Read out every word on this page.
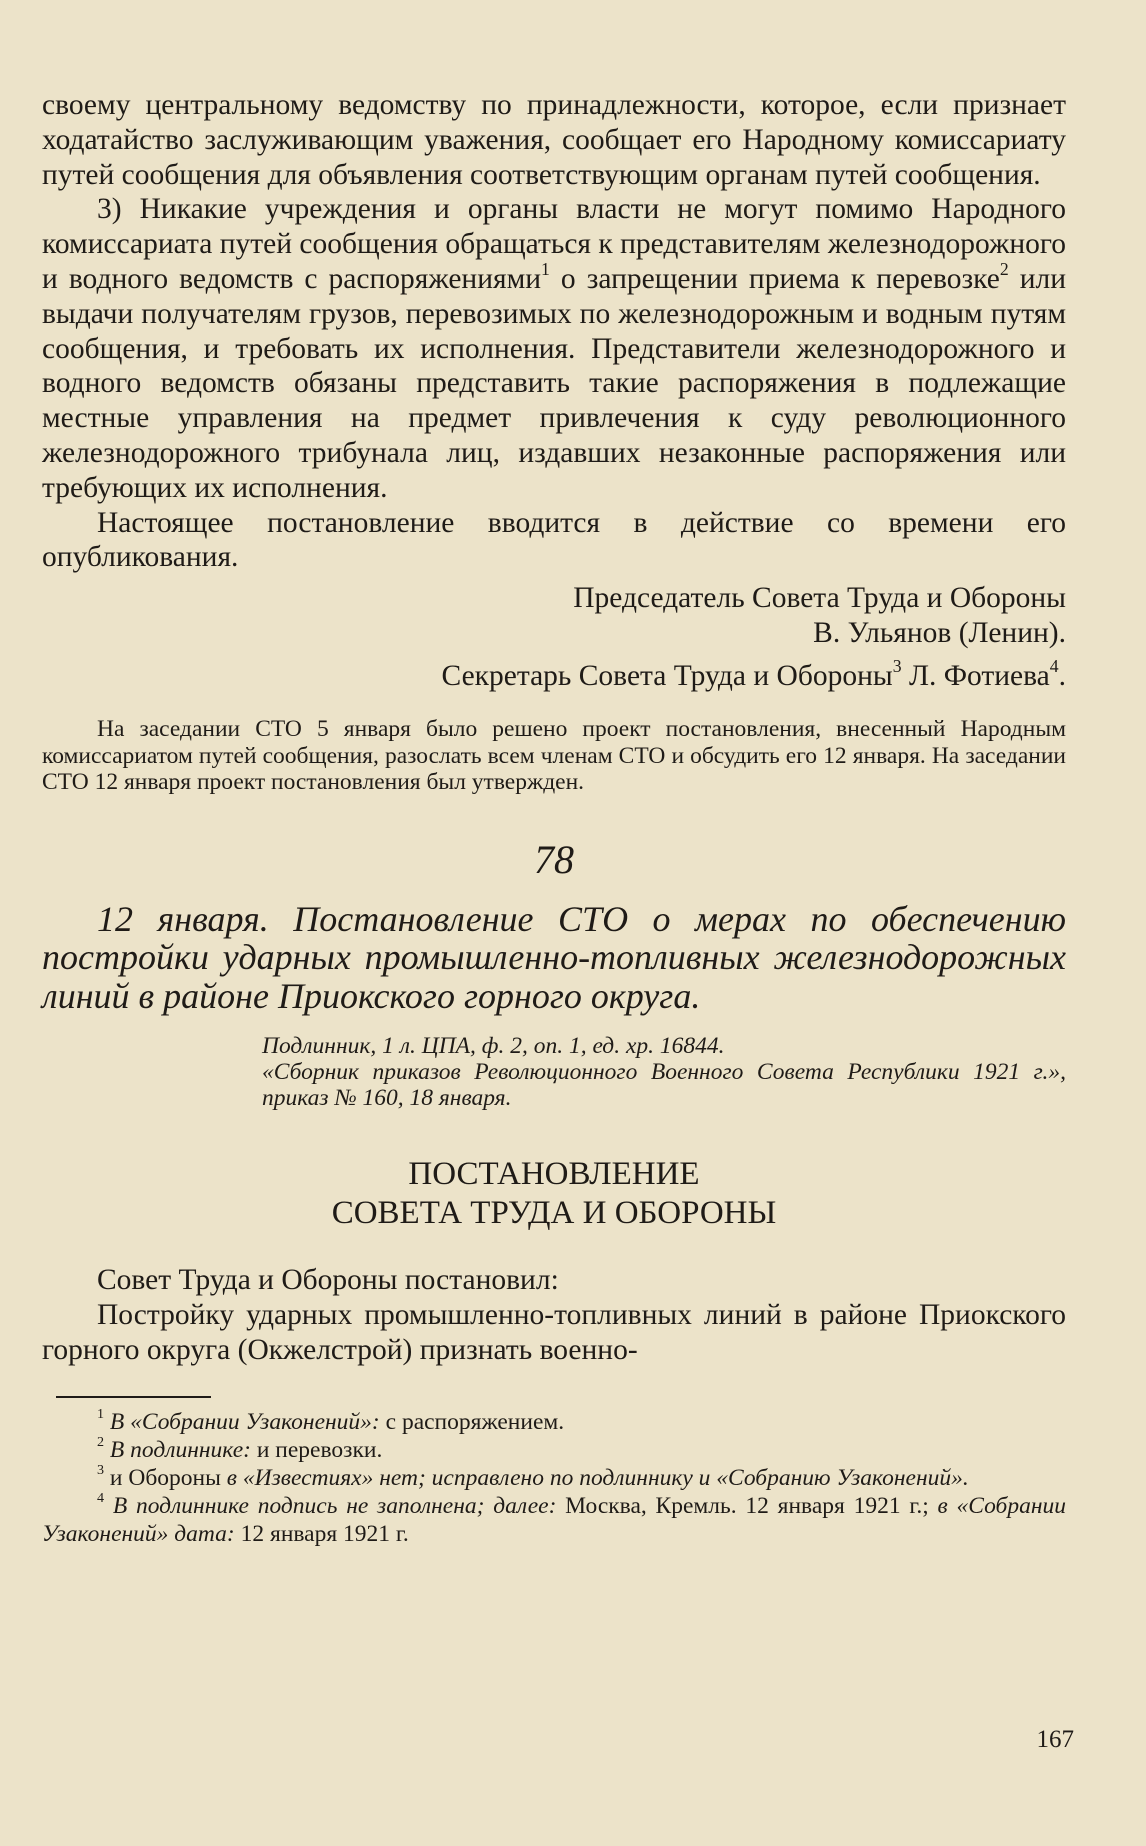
своему центральному ведомству по принадлежности, которое, если признает ходатайство заслуживающим уважения, сообщает его Народному комиссариату путей сообщения для объявления соответствующим органам путей сообщения.

3) Никакие учреждения и органы власти не могут помимо Народного комиссариата путей сообщения обращаться к представителям железнодорожного и водного ведомств с распоряжениями$^1$ о запрещении приема к перевозке$^2$ или выдачи получателям грузов, перевозимых по железнодорожным и водным путям сообщения, и требовать их исполнения. Представители железнодорожного и водного ведомств обязаны представить такие распоряжения в подлежащие местные управления на предмет привлечения к суду революционного железнодорожного трибунала лиц, издавших незаконные распоряжения или требующих их исполнения.

Настоящее постановление вводится в действие со времени его опубликования.

Председатель Совета Труда и Обороны

В. Ульянов (Ленин).

Секретарь Совета Труда и Обороны$^3$ Л. Фотиева$^4$.

На заседании СТО 5 января было решено проект постановления, внесенный Народным комиссариатом путей сообщения, разослать всем членам СТО и обсудить его 12 января. На заседании СТО 12 января проект постановления был утвержден.

78

12 января. Постановление СТО о мерах по обеспечению постройки ударных промышленно-топливных железнодорожных линий в районе Приокского горного округа.

Подлинник, 1 л. ЦПА, ф. 2, оп. 1, ед. хр. 16844.

«Сборник приказов Революционного Военного Совета Республики 1921 г.», приказ № 160, 18 января.

ПОСТАНОВЛЕНИЕ

СОВЕТА ТРУДА И ОБОРОНЫ

Совет Труда и Обороны постановил:

Постройку ударных промышленно-топливных линий в районе Приокского горного округа (Окжелстрой) признать военно-

$^1$ В «Собрании Узаконений»: с распоряжением.

$^2$ В подлиннике: и перевозки.

$^3$ и Обороны в «Известиях» нет; исправлено по подлиннику и «Собранию Узаконений».

$^4$ В подлиннике подпись не заполнена; далее: Москва, Кремль. 12 января 1921 г.; в «Собрании Узаконений» дата: 12 января 1921 г.

167
